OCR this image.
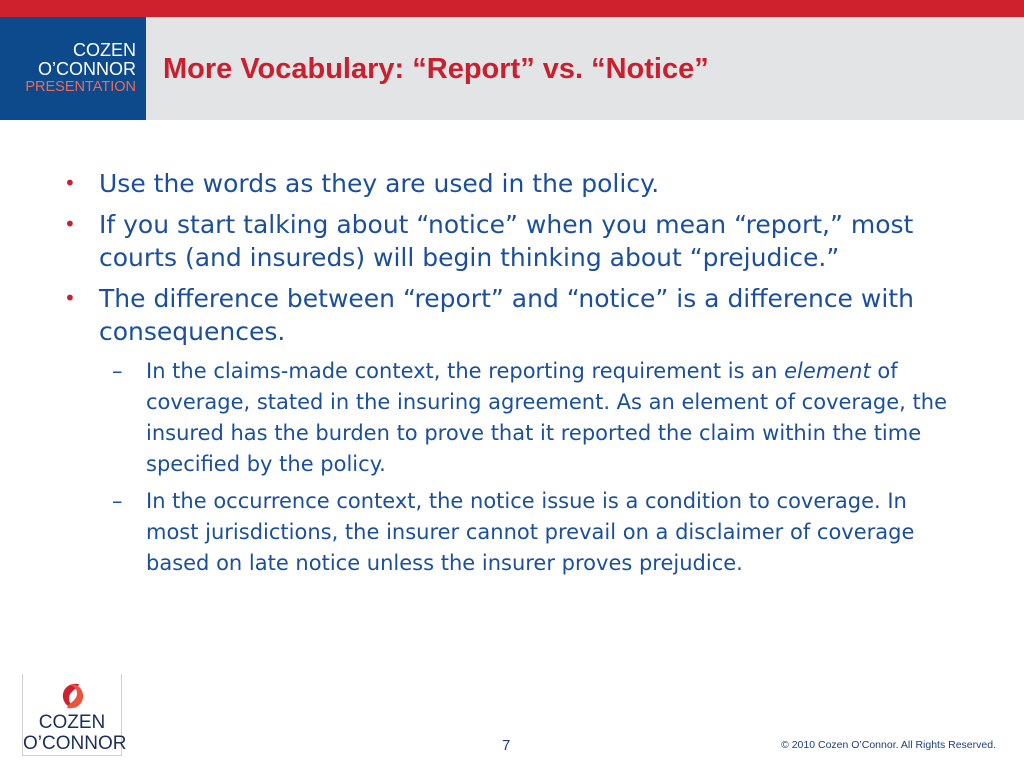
COZEN
O’CONNOR
PRESENTATION
More Vocabulary: “Report” vs. “Notice”
• Use the words as they are used in the policy.
• If you start talking about “notice” when you mean “report,” most courts (and insureds) will begin thinking about “prejudice.”
• The difference between “report” and “notice” is a difference with consequences.
– In the claims-made context, the reporting requirement is an element of coverage, stated in the insuring agreement. As an element of coverage, the insured has the burden to prove that it reported the claim within the time specified by the policy.
– In the occurrence context, the notice issue is a condition to coverage. In most jurisdictions, the insurer cannot prevail on a disclaimer of coverage based on late notice unless the insurer proves prejudice.
COZEN
O’CONNOR	7	© 2010 Cozen O’Connor. All Rights Reserved.
